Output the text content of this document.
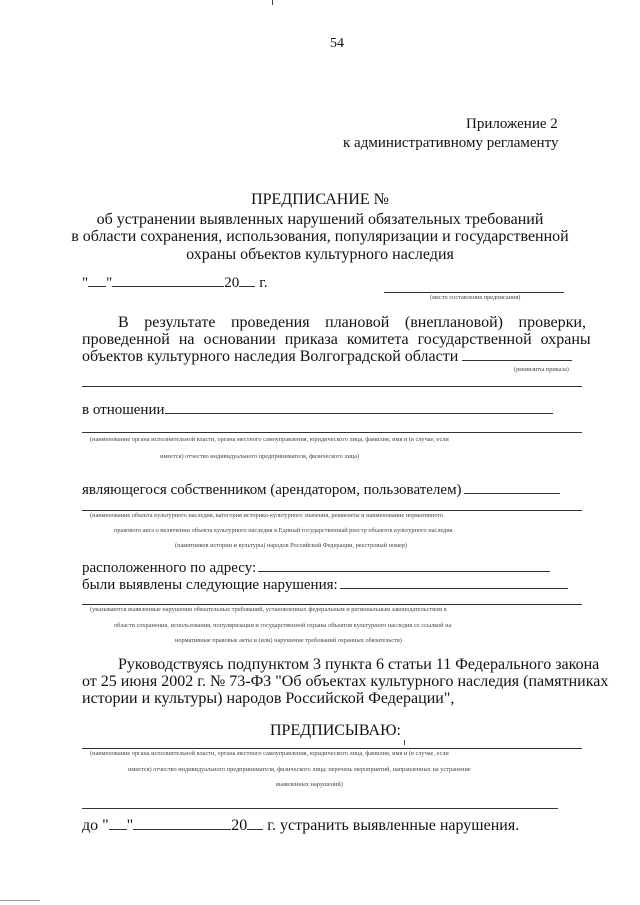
54
Приложение 2
к административному регламенту
ПРЕДПИСАНИЕ №
об устранении выявленных нарушений обязательных требований
в области сохранения, использования, популяризации и государственной
охраны объектов культурного наследия
" "	20 г.
(место составления предписания)
В результате проведения плановой (внеплановой) проверки,
проведенной на основании приказа комитета государственной охраны
объектов культурного наследия Волгоградской области
(реквизиты приказа)
в отношении
(наименование органа исполнительной власти, органа местного самоуправления, юридического лица, фамилия, имя и (в случае, если
имеется) отчество индивидуального предпринимателя, физического лица)
являющегося собственником (арендатором, пользователем)
(наименование объекта культурного наследия, категория историко-культурного значения, реквизиты и наименование нормативного
правового акта о включении объекта культурного наследия в Единый государственный реестр объектов культурного наследия
(памятников истории и культуры) народов Российской Федерации, реестровый номер)
расположенного по адресу:
были выявлены следующие нарушения:
(указываются выявленные нарушения обязательных требований, установленных федеральным и региональным законодательством в
области сохранения, использования, популяризации и государственной охраны объектов культурного наследия со ссылкой на
нормативные правовые акты и (или) нарушение требований охранных обязательств)
Руководствуясь подпунктом 3 пункта 6 статьи 11 Федерального закона
от 25 июня 2002 г. № 73-ФЗ "Об объектах культурного наследия (памятниках
истории и культуры) народов Российской Федерации",
ПРЕДПИСЫВАЮ:
(наименование органа исполнительной власти, органа местного самоуправления, юридического лица, фамилия, имя и (в случае, если
имеется) отчество индивидуального предпринимателя, физического лица; перечень мероприятий, направленных на устранение
выявленных нарушений)
до " "	20 г. устранить выявленные нарушения.
